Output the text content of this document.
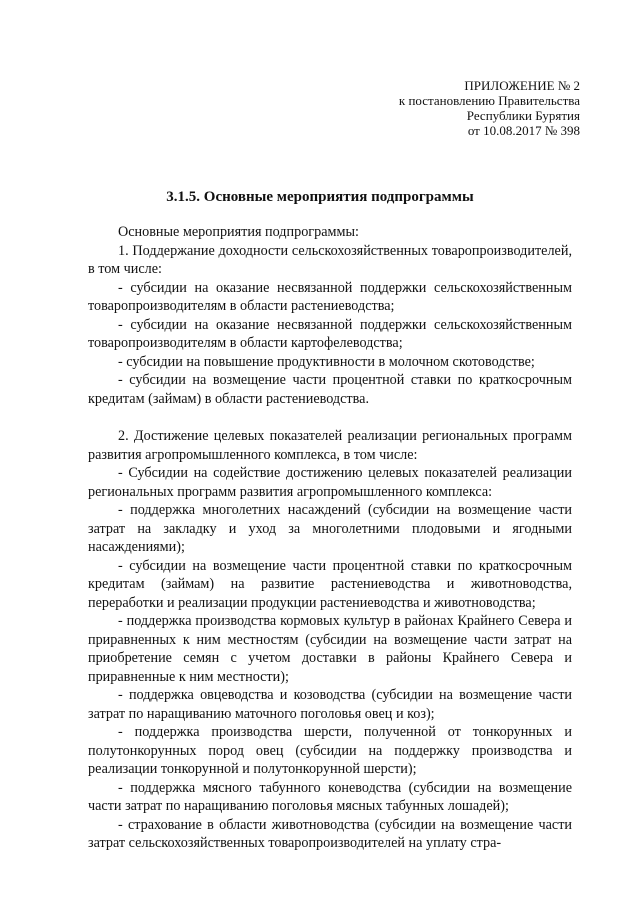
ПРИЛОЖЕНИЕ № 2
к постановлению Правительства
Республики Бурятия
от 10.08.2017 № 398
3.1.5. Основные мероприятия подпрограммы

Основные мероприятия подпрограммы:

1. Поддержание доходности сельскохозяйственных товаропроизводителей, в том числе:

- субсидии на оказание несвязанной поддержки сельскохозяйственным товаропроизводителям в области растениеводства;

- субсидии на оказание несвязанной поддержки сельскохозяйственным товаропроизводителям в области картофелеводства;

- субсидии на повышение продуктивности в молочном скотоводстве;

- субсидии на возмещение части процентной ставки по краткосрочным кредитам (займам) в области растениеводства.

2. Достижение целевых показателей реализации региональных программ развития агропромышленного комплекса, в том числе:

- Субсидии на содействие достижению целевых показателей реализации региональных программ развития агропромышленного комплекса:

- поддержка многолетних насаждений (субсидии на возмещение части затрат на закладку и уход за многолетними плодовыми и ягодными насаждениями);

- субсидии на возмещение части процентной ставки по краткосрочным кредитам (займам) на развитие растениеводства и животноводства, переработки и реализации продукции растениеводства и животноводства;

- поддержка производства кормовых культур в районах Крайнего Севера и приравненных к ним местностям (субсидии на возмещение части затрат на приобретение семян с учетом доставки в районы Крайнего Севера и приравненные к ним местности);

- поддержка овцеводства и козоводства (субсидии на возмещение части затрат по наращиванию маточного поголовья овец и коз);

- поддержка производства шерсти, полученной от тонкорунных и полутонкорунных пород овец (субсидии на поддержку производства и реализации тонкорунной и полутонкорунной шерсти);

- поддержка мясного табунного коневодства (субсидии на возмещение части затрат по наращиванию поголовья мясных табунных лошадей);

- страхование в области животноводства (субсидии на возмещение части затрат сельскохозяйственных товаропроизводителей на уплату стра-
